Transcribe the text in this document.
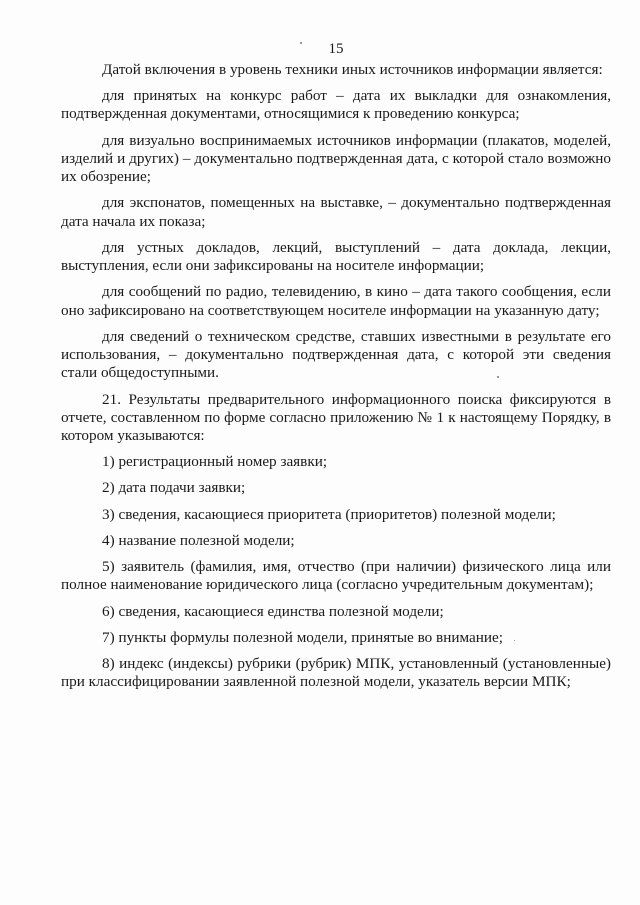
15

Датой включения в уровень техники иных источников информации является:

для принятых на конкурс работ – дата их выкладки для ознакомления, подтвержденная документами, относящимися к проведению конкурса;

для визуально воспринимаемых источников информации (плакатов, моделей, изделий и других) – документально подтвержденная дата, с которой стало возможно их обозрение;

для экспонатов, помещенных на выставке, – документально подтвержденная дата начала их показа;

для устных докладов, лекций, выступлений – дата доклада, лекции, выступления, если они зафиксированы на носителе информации;

для сообщений по радио, телевидению, в кино – дата такого сообщения, если оно зафиксировано на соответствующем носителе информации на указанную дату;

для сведений о техническом средстве, ставших известными в результате его использования, – документально подтвержденная дата, с которой эти сведения стали общедоступными.

21. Результаты предварительного информационного поиска фиксируются в отчете, составленном по форме согласно приложению № 1 к настоящему Порядку, в котором указываются:

1) регистрационный номер заявки;

2) дата подачи заявки;

3) сведения, касающиеся приоритета (приоритетов) полезной модели;

4) название полезной модели;

5) заявитель (фамилия, имя, отчество (при наличии) физического лица или полное наименование юридического лица (согласно учредительным документам);

6) сведения, касающиеся единства полезной модели;

7) пункты формулы полезной модели, принятые во внимание;

8) индекс (индексы) рубрики (рубрик) МПК, установленный (установленные) при классифицировании заявленной полезной модели, указатель версии МПК;
